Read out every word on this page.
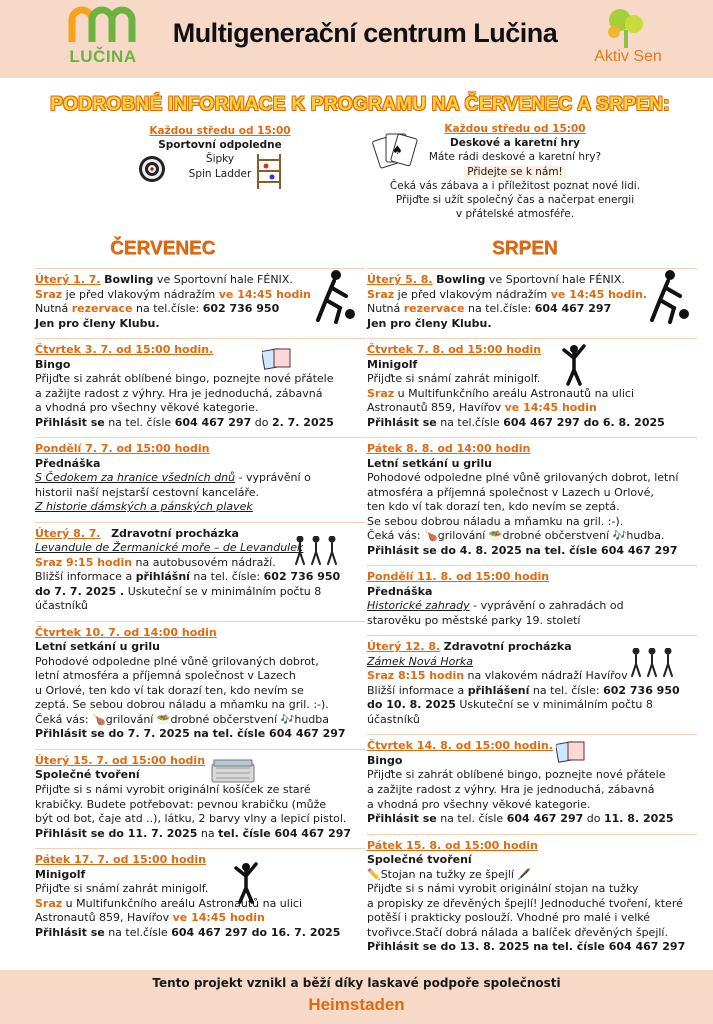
LUČINA
Multigenerační centrum Lučina
Aktiv Sen
PODROBNÉ INFORMACE K PROGRAMU NA ČERVENEC A SRPEN:
Každou středu od 15:00
Sportovní odpoledne
Šipky
Spin Ladder
♠
Každou středu od 15:00
Deskové a karetní hry
Máte rádi deskové a karetní hry?
Přidejte se k nám!
Čeká vás zábava a i příležitost poznat nové lidi.
Přijďte si užít společný čas a načerpat energii
v přátelské atmosféře.
ČERVENEC	SRPEN
Úterý 1. 7. Bowling ve Sportovní hale FÉNIX.
Sraz je před vlakovým nádražím ve 14:45 hodin
Nutná rezervace na tel.čísle: 602 736 950
Jen pro členy Klubu.
Čtvrtek 3. 7. od 15:00 hodin.
Bingo
Přijďte si zahrát oblíbené bingo, poznejte nové přátele
a zažijte radost z výhry. Hra je jednoduchá, zábavná
a vhodná pro všechny věkové kategorie.
Přihlásit se na tel. čísle 604 467 297 do 2. 7. 2025
Pondělí 7. 7. od 15:00 hodin
Přednáška
S Čedokem za hranice všedních dnů - vyprávění o
historii naší nejstarší cestovní kanceláře.
Z historie dámských a pánských plavek
Úterý 8. 7. Zdravotní procházka
Levandule de Žermanické moře – de Levandulek
Sraz 9:15 hodin na autobusovém nádraží.
Bližší informace a přihlášní na tel. čísle: 602 736 950
do 7. 7. 2025 . Uskuteční se v minimálním počtu 8
účastníků
Čtvrtek 10. 7. od 14:00 hodin
Letní setkání u grilu
Pohodové odpoledne plné vůně grilovaných dobrot,
letní atmosféra a příjemná společnost v Lazech
u Orlové, ten kdo ví tak dorazí ten, kdo nevím se
zeptá. Se sebou dobrou náladu a mňamku na gril. :-).
Čeká vás: 🍗grilování 🥗drobné občerstvení 🎶hudba
Přihlásit se do 7. 7. 2025 na tel. čísle 604 467 297
Úterý 15. 7. od 15:00 hodin
Společné tvoření
Přijďte si s námi vyrobit originální košíček ze staré
krabičky. Budete potřebovat: pevnou krabičku (může
být od bot, čaje atd ..), látku, 2 barvy vlny a lepicí pistol.
Přihlásit se do 11. 7. 2025 na tel. čísle 604 467 297
Pátek 17. 7. od 15:00 hodin
Minigolf
Přijďte si snámí zahrát minigolf.
Sraz u Multifunkčního areálu Astronautů na ulici
Astronautů 859, Havířov ve 14:45 hodin
Přihlásit se na tel.čísle 604 467 297 do 16. 7. 2025
Úterý 5. 8. Bowling ve Sportovní hale FÉNIX.
Sraz je před vlakovým nádražím ve 14:45 hodin.
Nutná rezervace na tel.čísle: 604 467 297
Jen pro členy Klubu.
Čtvrtek 7. 8. od 15:00 hodin
Minigolf
Přijďte si snámí zahrát minigolf.
Sraz u Multifunkčního areálu Astronautů na ulici
Astronautů 859, Havířov ve 14:45 hodin
Přihlásit se na tel.čísle 604 467 297 do 6. 8. 2025
Pátek 8. 8. od 14:00 hodin
Letní setkání u grilu
Pohodové odpoledne plné vůně grilovaných dobrot, letní
atmosféra a příjemná společnost v Lazech u Orlové,
ten kdo ví tak dorazí ten, kdo nevím se zeptá.
Se sebou dobrou náladu a mňamku na gril. :-).
Čeká vás: 🍗grilování 🥗drobné občerstvení 🎶hudba.
Přihlásit se do 4. 8. 2025 na tel. čísle 604 467 297
Pondělí 11. 8. od 15:00 hodin
Přednáška
Historické zahrady - vyprávění o zahradách od
starověku po městské parky 19. století
Úterý 12. 8. Zdravotní procházka
Zámek Nová Horka
Sraz 8:15 hodin na vlakovém nádraží Havířov
Bližší informace a přihlášení na tel. čísle: 602 736 950
do 10. 8. 2025 Uskuteční se v minimálním počtu 8
účastníků
Čtvrtek 14. 8. od 15:00 hodin.
Bingo
Přijďte si zahrát oblíbené bingo, poznejte nové přátele
a zažijte radost z výhry. Hra je jednoduchá, zábavná
a vhodná pro všechny věkové kategorie.
Přihlásit se na tel. čísle 604 467 297 do 11. 8. 2025
Pátek 15. 8. od 15:00 hodin
Společné tvoření
✏️Stojan na tužky ze špejlí 🖋️
Přijďte si s námi vyrobit originální stojan na tužky
a propisky ze dřevěných špejlí! Jednoduché tvoření, které
potěší i prakticky poslouží. Vhodné pro malé i velké
tvořivce.Stačí dobrá nálada a balíček dřevěných špejlí.
Přihlásit se do 13. 8. 2025 na tel. čísle 604 467 297
Tento projekt vznikl a běží díky laskavé podpoře společnosti
Heimstaden
